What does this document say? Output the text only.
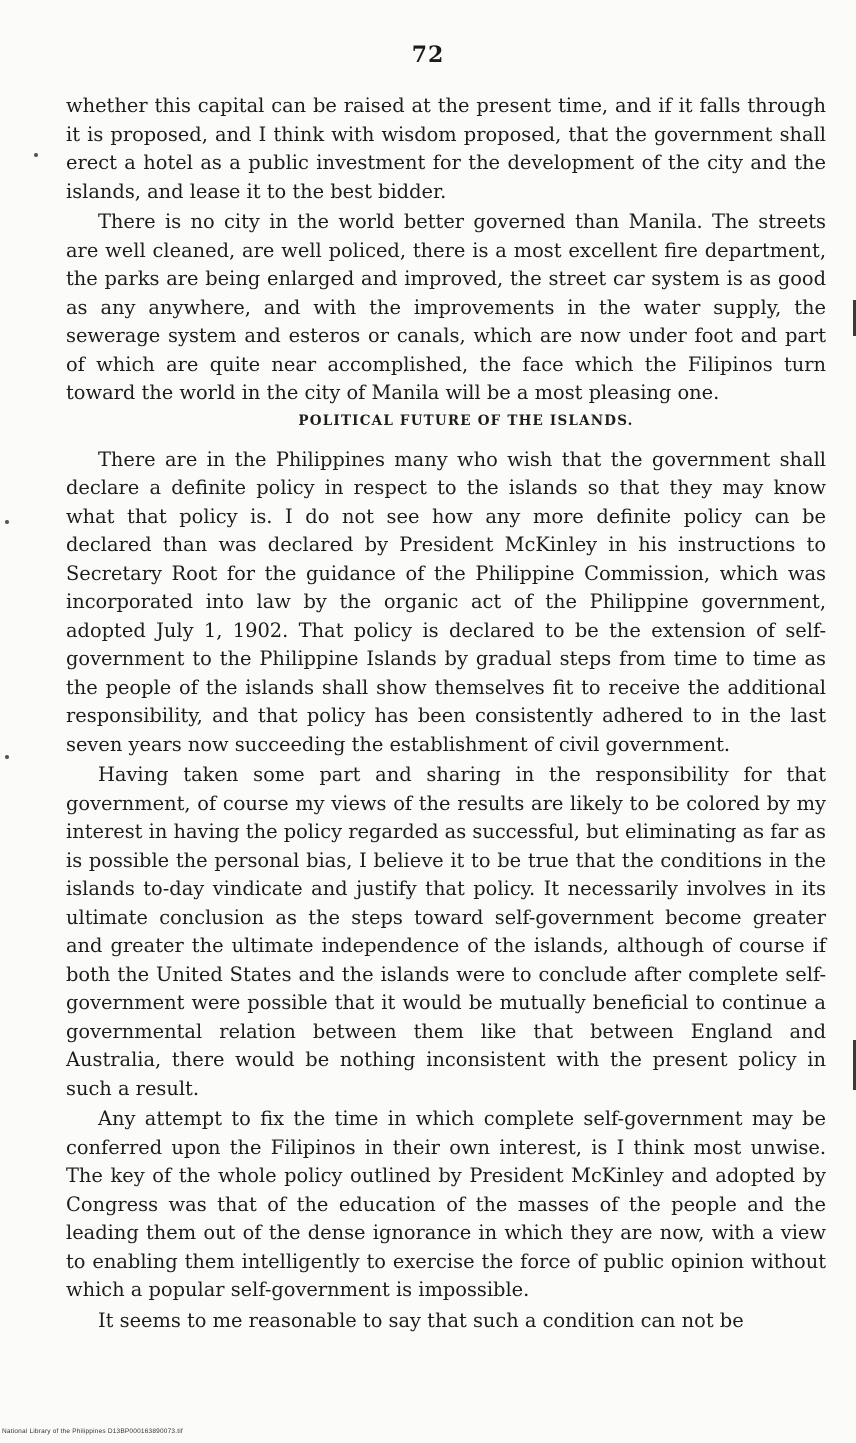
72

whether this capital can be raised at the present time, and if it falls through it is proposed, and I think with wisdom proposed, that the government shall erect a hotel as a public investment for the development of the city and the islands, and lease it to the best bidder.

There is no city in the world better governed than Manila. The streets are well cleaned, are well policed, there is a most excellent fire department, the parks are being enlarged and improved, the street car system is as good as any anywhere, and with the improvements in the water supply, the sewerage system and esteros or canals, which are now under foot and part of which are quite near accomplished, the face which the Filipinos turn toward the world in the city of Manila will be a most pleasing one.

POLITICAL FUTURE OF THE ISLANDS.

There are in the Philippines many who wish that the government shall declare a definite policy in respect to the islands so that they may know what that policy is. I do not see how any more definite policy can be declared than was declared by President McKinley in his instructions to Secretary Root for the guidance of the Philippine Commission, which was incorporated into law by the organic act of the Philippine government, adopted July 1, 1902. That policy is declared to be the extension of self-government to the Philippine Islands by gradual steps from time to time as the people of the islands shall show themselves fit to receive the additional responsibility, and that policy has been consistently adhered to in the last seven years now succeeding the establishment of civil government.

Having taken some part and sharing in the responsibility for that government, of course my views of the results are likely to be colored by my interest in having the policy regarded as successful, but eliminating as far as is possible the personal bias, I believe it to be true that the conditions in the islands to-day vindicate and justify that policy. It necessarily involves in its ultimate conclusion as the steps toward self-government become greater and greater the ultimate independence of the islands, although of course if both the United States and the islands were to conclude after complete self-government were possible that it would be mutually beneficial to continue a governmental relation between them like that between England and Australia, there would be nothing inconsistent with the present policy in such a result.

Any attempt to fix the time in which complete self-government may be conferred upon the Filipinos in their own interest, is I think most unwise. The key of the whole policy outlined by President McKinley and adopted by Congress was that of the education of the masses of the people and the leading them out of the dense ignorance in which they are now, with a view to enabling them intelligently to exercise the force of public opinion without which a popular self-government is impossible.

It seems to me reasonable to say that such a condition can not be

National Library of the Philippines D13BP000163890073.tif
